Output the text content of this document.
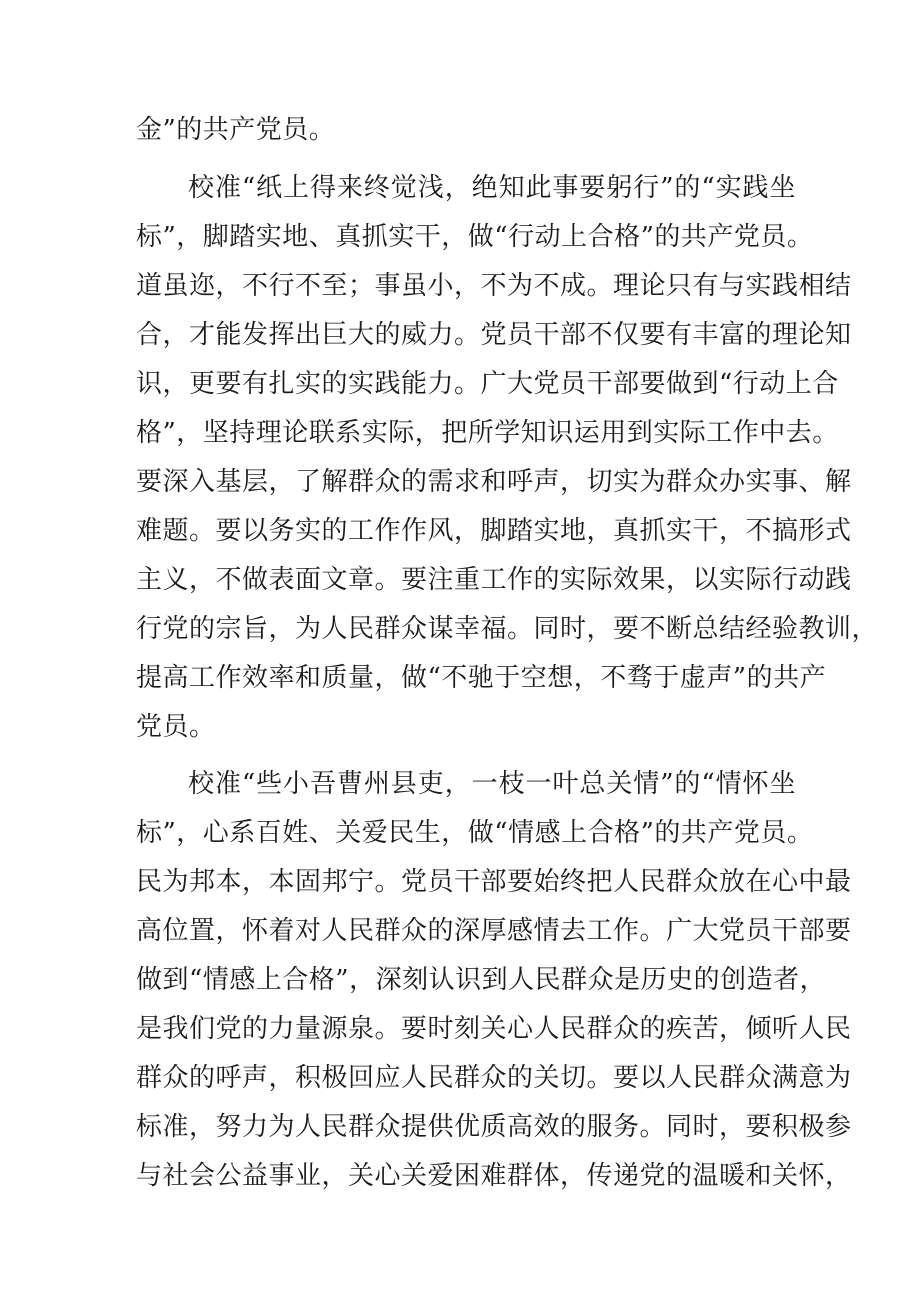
金”的共产党员。
校准“纸上得来终觉浅，绝知此事要躬行”的“实践坐
标”，脚踏实地、真抓实干，做“行动上合格”的共产党员。
道虽迩，不行不至；事虽小，不为不成。理论只有与实践相结
合，才能发挥出巨大的威力。党员干部不仅要有丰富的理论知
识，更要有扎实的实践能力。广大党员干部要做到“行动上合
格”，坚持理论联系实际，把所学知识运用到实际工作中去。
要深入基层，了解群众的需求和呼声，切实为群众办实事、解
难题。要以务实的工作作风，脚踏实地，真抓实干，不搞形式
主义，不做表面文章。要注重工作的实际效果，以实际行动践
行党的宗旨，为人民群众谋幸福。同时，要不断总结经验教训，
提高工作效率和质量，做“不驰于空想，不骛于虚声”的共产
党员。
校准“些小吾曹州县吏，一枝一叶总关情”的“情怀坐
标”，心系百姓、关爱民生，做“情感上合格”的共产党员。
民为邦本，本固邦宁。党员干部要始终把人民群众放在心中最
高位置，怀着对人民群众的深厚感情去工作。广大党员干部要
做到“情感上合格”，深刻认识到人民群众是历史的创造者，
是我们党的力量源泉。要时刻关心人民群众的疾苦，倾听人民
群众的呼声，积极回应人民群众的关切。要以人民群众满意为
标准，努力为人民群众提供优质高效的服务。同时，要积极参
与社会公益事业，关心关爱困难群体，传递党的温暖和关怀，
